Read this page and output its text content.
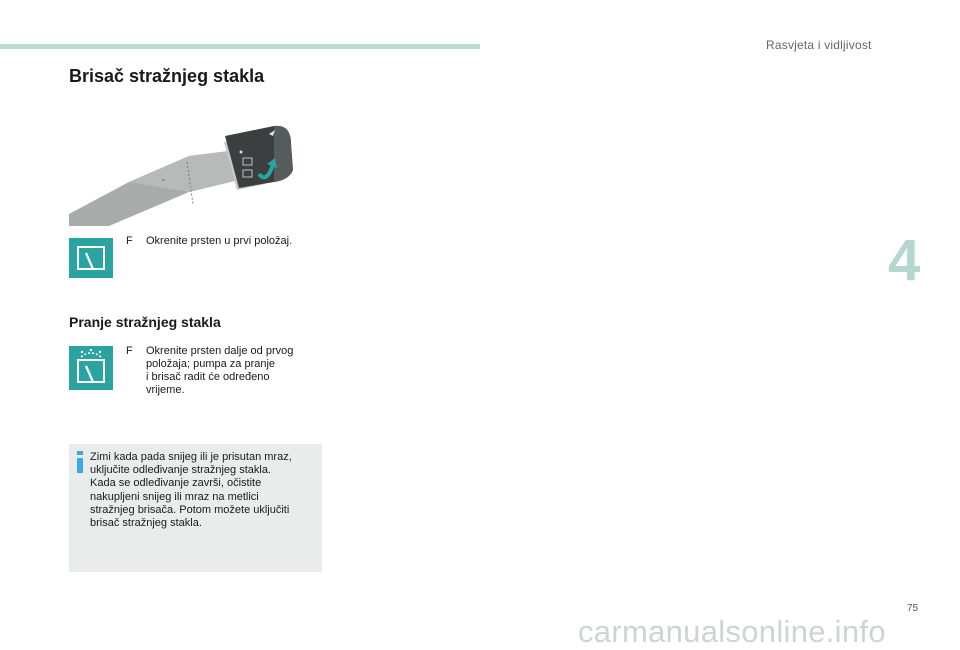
Rasvjeta i vidljivost
4
Brisač stražnjeg stakla
⌁
F Okrenite prsten u prvi položaj.
Pranje stražnjeg stakla
F Okrenite prsten dalje od prvog
položaja; pumpa za pranje
i brisač radit će određeno
vrijeme.
Zimi kada pada snijeg ili je prisutan mraz,
uključite odleđivanje stražnjeg stakla.
Kada se odleđivanje završi, očistite
nakupljeni snijeg ili mraz na metlici
stražnjeg brisača. Potom možete uključiti
brisač stražnjeg stakla.
75
carmanualsonline.info
